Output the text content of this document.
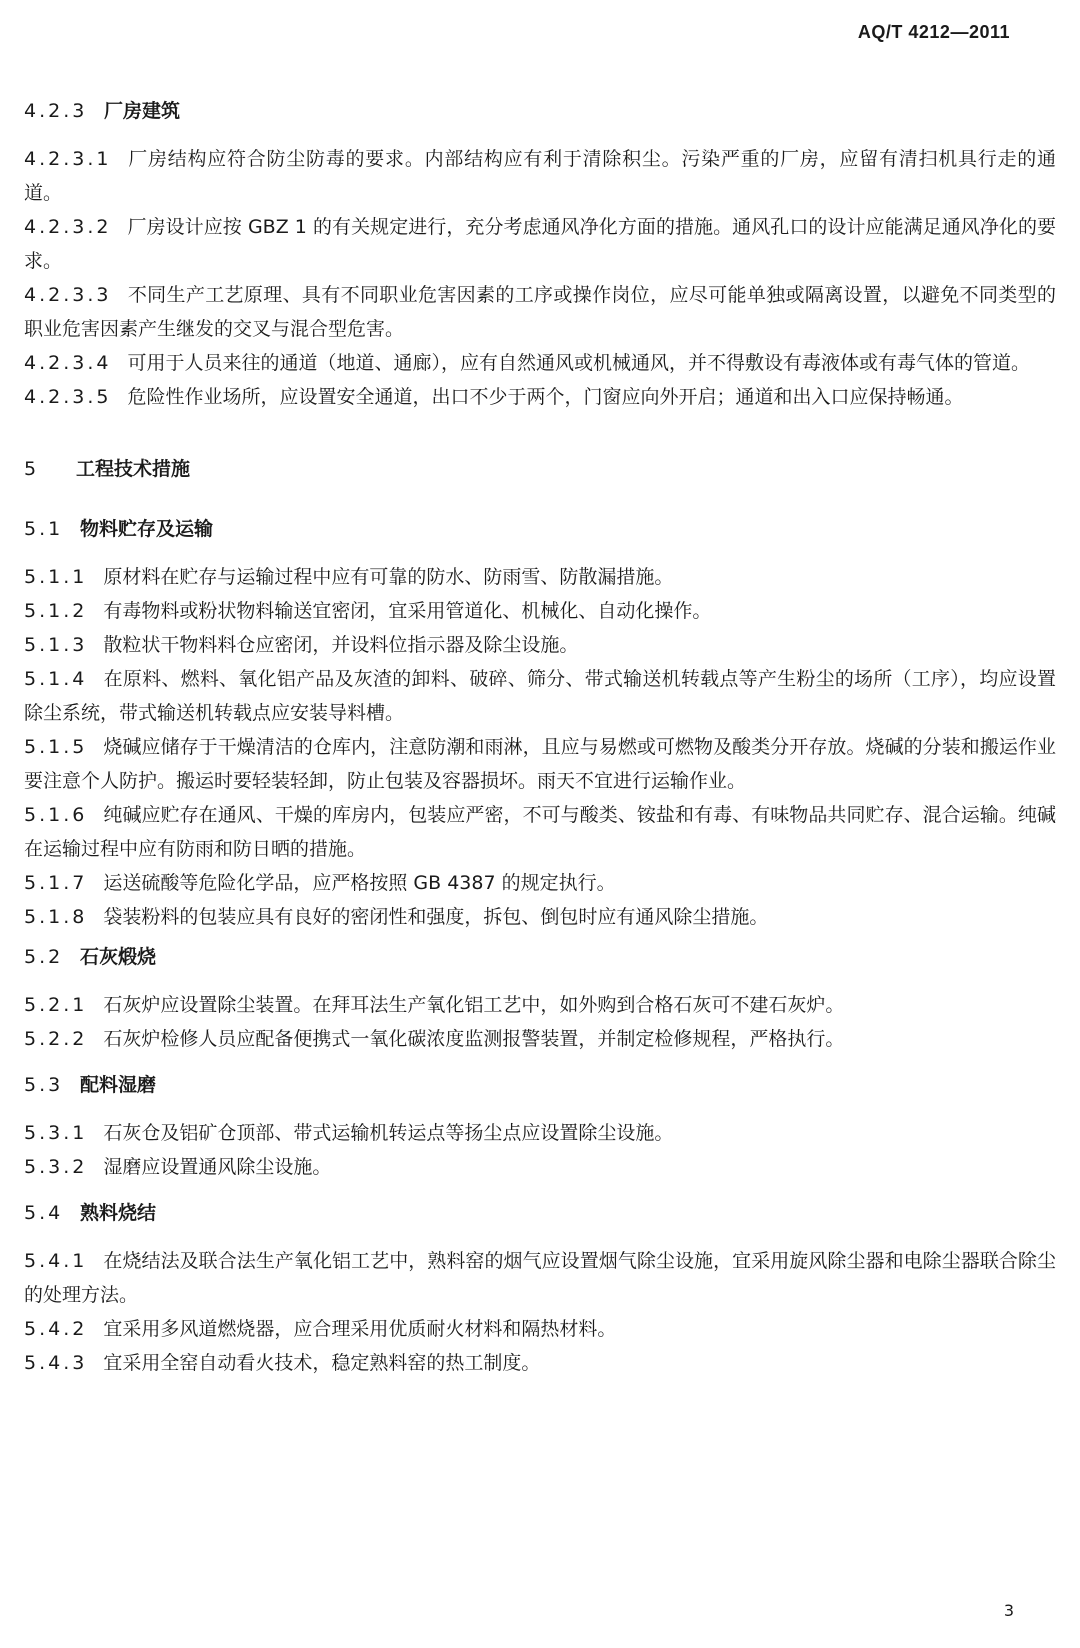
AQ/T 4212—2011
4.2.3 厂房建筑
4.2.3.1 厂房结构应符合防尘防毒的要求。内部结构应有利于清除积尘。污染严重的厂房，应留有清扫机具行走的通道。
4.2.3.2 厂房设计应按 GBZ 1 的有关规定进行，充分考虑通风净化方面的措施。通风孔口的设计应能满足通风净化的要求。
4.2.3.3 不同生产工艺原理、具有不同职业危害因素的工序或操作岗位，应尽可能单独或隔离设置，以避免不同类型的职业危害因素产生继发的交叉与混合型危害。
4.2.3.4 可用于人员来往的通道（地道、通廊），应有自然通风或机械通风，并不得敷设有毒液体或有毒气体的管道。
4.2.3.5 危险性作业场所，应设置安全通道，出口不少于两个，门窗应向外开启；通道和出入口应保持畅通。
5 工程技术措施
5.1 物料贮存及运输
5.1.1 原材料在贮存与运输过程中应有可靠的防水、防雨雪、防散漏措施。
5.1.2 有毒物料或粉状物料输送宜密闭，宜采用管道化、机械化、自动化操作。
5.1.3 散粒状干物料料仓应密闭，并设料位指示器及除尘设施。
5.1.4 在原料、燃料、氧化铝产品及灰渣的卸料、破碎、筛分、带式输送机转载点等产生粉尘的场所（工序），均应设置除尘系统，带式输送机转载点应安装导料槽。
5.1.5 烧碱应储存于干燥清洁的仓库内，注意防潮和雨淋，且应与易燃或可燃物及酸类分开存放。烧碱的分装和搬运作业要注意个人防护。搬运时要轻装轻卸，防止包装及容器损坏。雨天不宜进行运输作业。
5.1.6 纯碱应贮存在通风、干燥的库房内，包装应严密，不可与酸类、铵盐和有毒、有味物品共同贮存、混合运输。纯碱在运输过程中应有防雨和防日晒的措施。
5.1.7 运送硫酸等危险化学品，应严格按照 GB 4387 的规定执行。
5.1.8 袋装粉料的包装应具有良好的密闭性和强度，拆包、倒包时应有通风除尘措施。
5.2 石灰煅烧
5.2.1 石灰炉应设置除尘装置。在拜耳法生产氧化铝工艺中，如外购到合格石灰可不建石灰炉。
5.2.2 石灰炉检修人员应配备便携式一氧化碳浓度监测报警装置，并制定检修规程，严格执行。
5.3 配料湿磨
5.3.1 石灰仓及铝矿仓顶部、带式运输机转运点等扬尘点应设置除尘设施。
5.3.2 湿磨应设置通风除尘设施。
5.4 熟料烧结
5.4.1 在烧结法及联合法生产氧化铝工艺中，熟料窑的烟气应设置烟气除尘设施，宜采用旋风除尘器和电除尘器联合除尘的处理方法。
5.4.2 宜采用多风道燃烧器，应合理采用优质耐火材料和隔热材料。
5.4.3 宜采用全窑自动看火技术，稳定熟料窑的热工制度。
3
